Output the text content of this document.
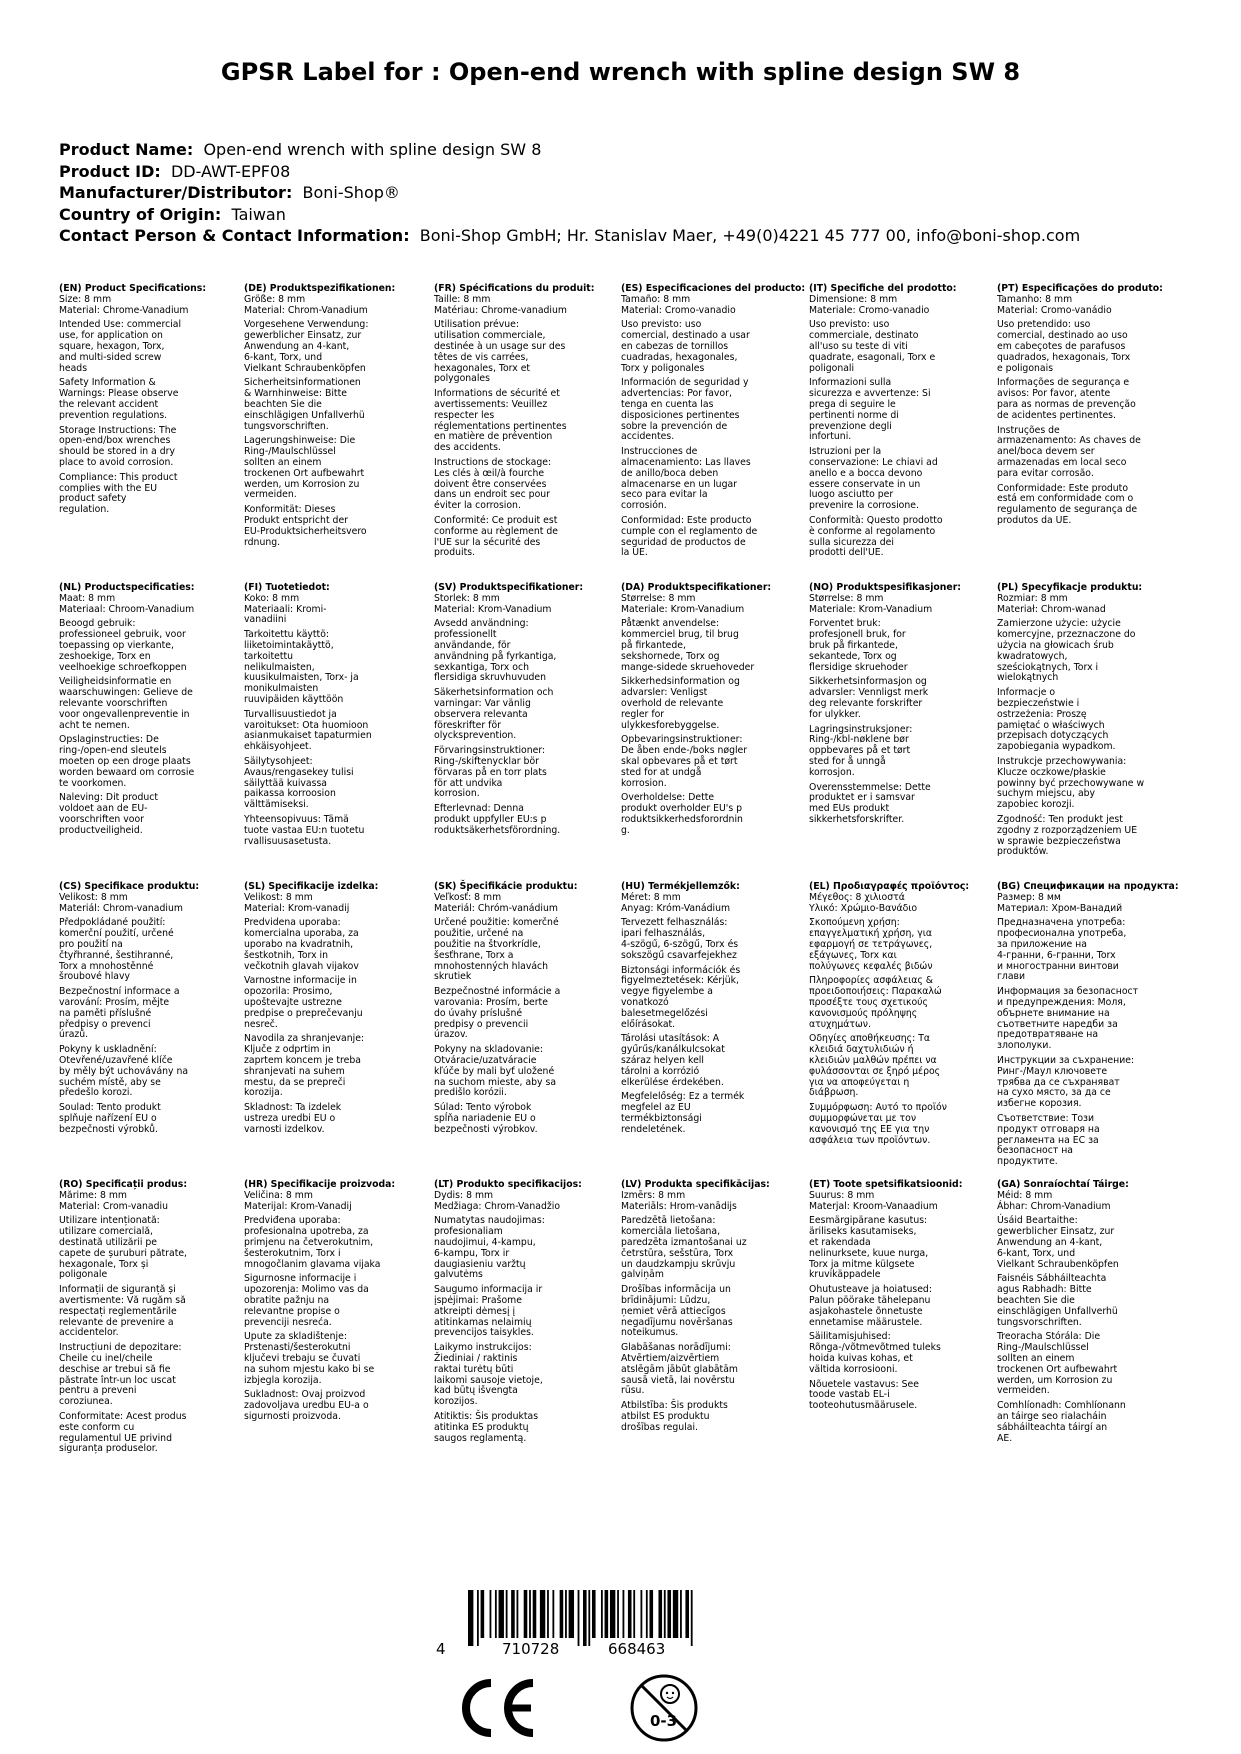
GPSR Label for : Open-end wrench with spline design SW 8
Product Name: Open-end wrench with spline design SW 8
Product ID: DD-AWT-EPF08
Manufacturer/Distributor: Boni-Shop®
Country of Origin: Taiwan
Contact Person & Contact Information: Boni-Shop GmbH; Hr. Stanislav Maer, +49(0)4221 45 777 00, info@boni-shop.com
(EN) Product Specifications:
Size: 8 mm
Material: Chrome-Vanadium
Intended Use: commercial
use, for application on
square, hexagon, Torx,
and multi-sided screw
heads
Safety Information &
Warnings: Please observe
the relevant accident
prevention regulations.
Storage Instructions: The
open-end/box wrenches
should be stored in a dry
place to avoid corrosion.
Compliance: This product
complies with the EU
product safety
regulation.
(DE) Produktspezifikationen:
Größe: 8 mm
Material: Chrom-Vanadium
Vorgesehene Verwendung:
gewerblicher Einsatz, zur
Anwendung an 4-kant,
6-kant, Torx, und
Vielkant Schraubenköpfen
Sicherheitsinformationen
& Warnhinweise: Bitte
beachten Sie die
einschlägigen Unfallverhü
tungsvorschriften.
Lagerungshinweise: Die
Ring-/Maulschlüssel
sollten an einem
trockenen Ort aufbewahrt
werden, um Korrosion zu
vermeiden.
Konformität: Dieses
Produkt entspricht der
EU-Produktsicherheitsvero
rdnung.
(FR) Spécifications du produit:
Taille: 8 mm
Matériau: Chrome-vanadium
Utilisation prévue:
utilisation commerciale,
destinée à un usage sur des
têtes de vis carrées,
hexagonales, Torx et
polygonales
Informations de sécurité et
avertissements: Veuillez
respecter les
réglementations pertinentes
en matière de prévention
des accidents.
Instructions de stockage:
Les clés à œil/à fourche
doivent être conservées
dans un endroit sec pour
éviter la corrosion.
Conformité: Ce produit est
conforme au règlement de
l'UE sur la sécurité des
produits.
(ES) Especificaciones del producto:
Tamaño: 8 mm
Material: Cromo-vanadio
Uso previsto: uso
comercial, destinado a usar
en cabezas de tornillos
cuadradas, hexagonales,
Torx y poligonales
Información de seguridad y
advertencias: Por favor,
tenga en cuenta las
disposiciones pertinentes
sobre la prevención de
accidentes.
Instrucciones de
almacenamiento: Las llaves
de anillo/boca deben
almacenarse en un lugar
seco para evitar la
corrosión.
Conformidad: Este producto
cumple con el reglamento de
seguridad de productos de
la UE.
(IT) Specifiche del prodotto:
Dimensione: 8 mm
Materiale: Cromo-vanadio
Uso previsto: uso
commerciale, destinato
all'uso su teste di viti
quadrate, esagonali, Torx e
poligonali
Informazioni sulla
sicurezza e avvertenze: Si
prega di seguire le
pertinenti norme di
prevenzione degli
infortuni.
Istruzioni per la
conservazione: Le chiavi ad
anello e a bocca devono
essere conservate in un
luogo asciutto per
prevenire la corrosione.
Conformità: Questo prodotto
è conforme al regolamento
sulla sicurezza dei
prodotti dell'UE.
(PT) Especificações do produto:
Tamanho: 8 mm
Material: Cromo-vanádio
Uso pretendido: uso
comercial, destinado ao uso
em cabeçotes de parafusos
quadrados, hexagonais, Torx
e poligonais
Informações de segurança e
avisos: Por favor, atente
para as normas de prevenção
de acidentes pertinentes.
Instruções de
armazenamento: As chaves de
anel/boca devem ser
armazenadas em local seco
para evitar corrosão.
Conformidade: Este produto
está em conformidade com o
regulamento de segurança de
produtos da UE.
(NL) Productspecificaties:
Maat: 8 mm
Materiaal: Chroom-Vanadium
Beoogd gebruik:
professioneel gebruik, voor
toepassing op vierkante,
zeshoekige, Torx en
veelhoekige schroefkoppen
Veiligheidsinformatie en
waarschuwingen: Gelieve de
relevante voorschriften
voor ongevallenpreventie in
acht te nemen.
Opslaginstructies: De
ring-/open-end sleutels
moeten op een droge plaats
worden bewaard om corrosie
te voorkomen.
Naleving: Dit product
voldoet aan de EU-
voorschriften voor
productveiligheid.
(FI) Tuotetiedot:
Koko: 8 mm
Materiaali: Kromi-
vanadiini
Tarkoitettu käyttö:
liiketoimintakäyttö,
tarkoitettu
nelikulmaisten,
kuusikulmaisten, Torx- ja
monikulmaisten
ruuvipäiden käyttöön
Turvallisuustiedot ja
varoitukset: Ota huomioon
asianmukaiset tapaturmien
ehkäisyohjeet.
Säilytysohjeet:
Avaus/rengasekey tulisi
säilyttää kuivassa
paikassa korroosion
välttämiseksi.
Yhteensopivuus: Tämä
tuote vastaa EU:n tuotetu
rvallisuusasetusta.
(SV) Produktspecifikationer:
Storlek: 8 mm
Material: Krom-Vanadium
Avsedd användning:
professionellt
användande, för
användning på fyrkantiga,
sexkantiga, Torx och
flersidiga skruvhuvuden
Säkerhetsinformation och
varningar: Var vänlig
observera relevanta
föreskrifter för
olycksprevention.
Förvaringsinstruktioner:
Ring-/skiftenycklar bör
förvaras på en torr plats
för att undvika
korrosion.
Efterlevnad: Denna
produkt uppfyller EU:s p
roduktsäkerhetsförordning.
(DA) Produktspecifikationer:
Størrelse: 8 mm
Materiale: Krom-Vanadium
Påtænkt anvendelse:
kommerciel brug, til brug
på firkantede,
sekshornede, Torx og
mange-sidede skruehoveder
Sikkerhedsinformation og
advarsler: Venligst
overhold de relevante
regler for
ulykkesforebyggelse.
Opbevaringsinstruktioner:
De åben ende-/boks nøgler
skal opbevares på et tørt
sted for at undgå
korrosion.
Overholdelse: Dette
produkt overholder EU's p
roduktsikkerhedsforordnin
g.
(NO) Produktspesifikasjoner:
Størrelse: 8 mm
Materiale: Krom-Vanadium
Forventet bruk:
profesjonell bruk, for
bruk på firkantede,
sekantede, Torx og
flersidige skruehoder
Sikkerhetsinformasjon og
advarsler: Vennligst merk
deg relevante forskrifter
for ulykker.
Lagringsinstruksjoner:
Ring-/kbl-nøklene bør
oppbevares på et tørt
sted for å unngå
korrosjon.
Overensstemmelse: Dette
produktet er i samsvar
med EUs produkt
sikkerhetsforskrifter.
(PL) Specyfikacje produktu:
Rozmiar: 8 mm
Materiał: Chrom-wanad
Zamierzone użycie: użycie
komercyjne, przeznaczone do
użycia na głowicach śrub
kwadratowych,
sześciokątnych, Torx i
wielokątnych
Informacje o
bezpieczeństwie i
ostrzeżenia: Proszę
pamiętać o właściwych
przepisach dotyczących
zapobiegania wypadkom.
Instrukcje przechowywania:
Klucze oczkowe/płaskie
powinny być przechowywane w
suchym miejscu, aby
zapobiec korozji.
Zgodność: Ten produkt jest
zgodny z rozporządzeniem UE
w sprawie bezpieczeństwa
produktów.
(CS) Specifikace produktu:
Velikost: 8 mm
Materiál: Chrom-vanadium
Předpokládané použití:
komerční použití, určené
pro použití na
čtyřhranné, šestihranné,
Torx a mnohostěnné
šroubové hlavy
Bezpečnostní informace a
varování: Prosím, mějte
na paměti příslušné
předpisy o prevenci
úrazů.
Pokyny k uskladnění:
Otevřené/uzavřené klíče
by měly být uchovávány na
suchém místě, aby se
předešlo korozi.
Soulad: Tento produkt
splňuje nařízení EU o
bezpečnosti výrobků.
(SL) Specifikacije izdelka:
Velikost: 8 mm
Material: Krom-vanadij
Predvidena uporaba:
komercialna uporaba, za
uporabo na kvadratnih,
šestkotnih, Torx in
večkotnih glavah vijakov
Varnostne informacije in
opozorila: Prosimo,
upoštevajte ustrezne
predpise o preprečevanju
nesreč.
Navodila za shranjevanje:
Ključe z odprtim in
zaprtem koncem je treba
shranjevati na suhem
mestu, da se prepreči
korozija.
Skladnost: Ta izdelek
ustreza uredbi EU o
varnosti izdelkov.
(SK) Špecifikácie produktu:
Veľkosť: 8 mm
Materiál: Chróm-vanádium
Určené použitie: komerčné
použitie, určené na
použitie na štvorkrídle,
šesťhrane, Torx a
mnohostenných hlavách
skrutiek
Bezpečnostné informácie a
varovania: Prosím, berte
do úvahy príslušné
predpisy o prevencii
úrazov.
Pokyny na skladovanie:
Otváracie/uzatváracie
kľúče by mali byť uložené
na suchom mieste, aby sa
predišlo korózii.
Súlad: Tento výrobok
spĺňa nariadenie EU o
bezpečnosti výrobkov.
(HU) Termékjellemzők:
Méret: 8 mm
Anyag: Króm-Vanádium
Tervezett felhasználás:
ipari felhasználás,
4-szögű, 6-szögű, Torx és
sokszögű csavarfejekhez
Biztonsági információk és
figyelmeztetések: Kérjük,
vegye figyelembe a
vonatkozó
balesetmegelőzési
előírásokat.
Tárolási utasítások: A
gyűrűs/kanálkulcsokat
száraz helyen kell
tárolni a korrózió
elkerülése érdekében.
Megfelelőség: Ez a termék
megfelel az EU
termékbiztonsági
rendeletének.
(EL) Προδιαγραφές προϊόντος:
Μέγεθος: 8 χιλιοστά
Υλικό: Χρώμιο-Βανάδιο
Σκοπούμενη χρήση:
επαγγελματική χρήση, για
εφαρμογή σε τετράγωνες,
εξάγωνες, Torx και
πολύγωνες κεφαλές βιδών
Πληροφορίες ασφάλειας &
προειδοποιήσεις: Παρακαλώ
προσέξτε τους σχετικούς
κανονισμούς πρόληψης
ατυχημάτων.
Οδηγίες αποθήκευσης: Τα
κλειδιά δαχτυλιδιών ή
κλειδιών μαλθών πρέπει να
φυλάσσονται σε ξηρό μέρος
για να αποφεύγεται η
διάβρωση.
Συμμόρφωση: Αυτό το προϊόν
συμμορφώνεται με τον
κανονισμό της ΕΕ για την
ασφάλεια των προϊόντων.
(BG) Спецификации на продукта:
Размер: 8 мм
Материал: Хром-Ванадий
Предназначена употреба:
професионална употреба,
за приложение на
4-гранни, 6-гранни, Torx
и многостранни винтови
глави
Информация за безопасност
и предупреждения: Моля,
обърнете внимание на
съответните наредби за
предотвратяване на
злополуки.
Инструкции за съхранение:
Ринг-/Маул ключовете
трябва да се съхраняват
на сухо място, за да се
избегне корозия.
Съответствие: Този
продукт отговаря на
регламента на ЕС за
безопасност на
продуктите.
(RO) Specificații produs:
Mărime: 8 mm
Material: Crom-vanadiu
Utilizare intenționată:
utilizare comercială,
destinată utilizării pe
capete de șuruburi pătrate,
hexagonale, Torx și
poligonale
Informații de siguranță și
avertismente: Vă rugăm să
respectați reglementările
relevante de prevenire a
accidentelor.
Instrucțiuni de depozitare:
Cheile cu inel/cheile
deschise ar trebui să fie
păstrate într-un loc uscat
pentru a preveni
coroziunea.
Conformitate: Acest produs
este conform cu
regulamentul UE privind
siguranța produselor.
(HR) Specifikacije proizvoda:
Veličina: 8 mm
Materijal: Krom-Vanadij
Predviđena uporaba:
profesionalna upotreba, za
primjenu na četverokutnim,
šesterokutnim, Torx i
mnogočlanim glavama vijaka
Sigurnosne informacije i
upozorenja: Molimo vas da
obratite pažnju na
relevantne propise o
prevenciji nesreća.
Upute za skladištenje:
Prstenasti/šesterokutni
ključevi trebaju se čuvati
na suhom mjestu kako bi se
izbjegla korozija.
Sukladnost: Ovaj proizvod
zadovoljava uredbu EU-a o
sigurnosti proizvoda.
(LT) Produkto specifikacijos:
Dydis: 8 mm
Medžiaga: Chrom-Vanadžio
Numatytas naudojimas:
profesionaliam
naudojimui, 4-kampu,
6-kampu, Torx ir
daugiasieniu varžtų
galvutėms
Saugumo informacija ir
įspėjimai: Prašome
atkreipti dėmesį į
atitinkamas nelaimių
prevencijos taisykles.
Laikymo instrukcijos:
Žiediniai / raktinis
raktai turėtų būti
laikomi sausoje vietoje,
kad būtų išvengta
korozijos.
Atitiktis: Šis produktas
atitinka ES produktų
saugos reglamentą.
(LV) Produkta specifikācijas:
Izmērs: 8 mm
Materiāls: Hrom-vanādijs
Paredzētā lietošana:
komerciāla lietošana,
paredzēta izmantošanai uz
četrstūra, sešstūra, Torx
un daudzkampju skrūvju
galviņām
Drošības informācija un
brīdinājumi: Lūdzu,
ņemiet vērā attiecīgos
negadījumu novēršanas
noteikumus.
Glabāšanas norādījumi:
Atvērtiem/aizvērtiem
atslēgām jābūt glabātām
sausā vietā, lai novērstu
rūsu.
Atbilstība: Šis produkts
atbilst ES produktu
drošības regulai.
(ET) Toote spetsifikatsioonid:
Suurus: 8 mm
Materjal: Kroom-Vanaadium
Eesmärgipärane kasutus:
äriliseks kasutamiseks,
et rakendada
nelinurksete, kuue nurga,
Torx ja mitme külgsete
kruvikäppadele
Ohutusteave ja hoiatused:
Palun pöörake tähelepanu
asjakohastele õnnetuste
ennetamise määrustele.
Säilitamisjuhised:
Rõnga-/võtmevõtmed tuleks
hoida kuivas kohas, et
vältida korrosiooni.
Nõuetele vastavus: See
toode vastab EL-i
tooteohutusmäärusele.
(GA) Sonraíochtaí Táirge:
Méid: 8 mm
Ábhar: Chrom-Vanadium
Úsáid Beartaithe:
gewerblicher Einsatz, zur
Anwendung an 4-kant,
6-kant, Torx, und
Vielkant Schraubenköpfen
Faisnéis Sábháilteachta
agus Rabhadh: Bitte
beachten Sie die
einschlägigen Unfallverhü
tungsvorschriften.
Treoracha Stórála: Die
Ring-/Maulschlüssel
sollten an einem
trockenen Ort aufbewahrt
werden, um Korrosion zu
vermeiden.
Comhlíonadh: Comhlíonann
an táirge seo rialacháin
sábháilteachta táirgí an
AE.
4	710728	668463
0-3
